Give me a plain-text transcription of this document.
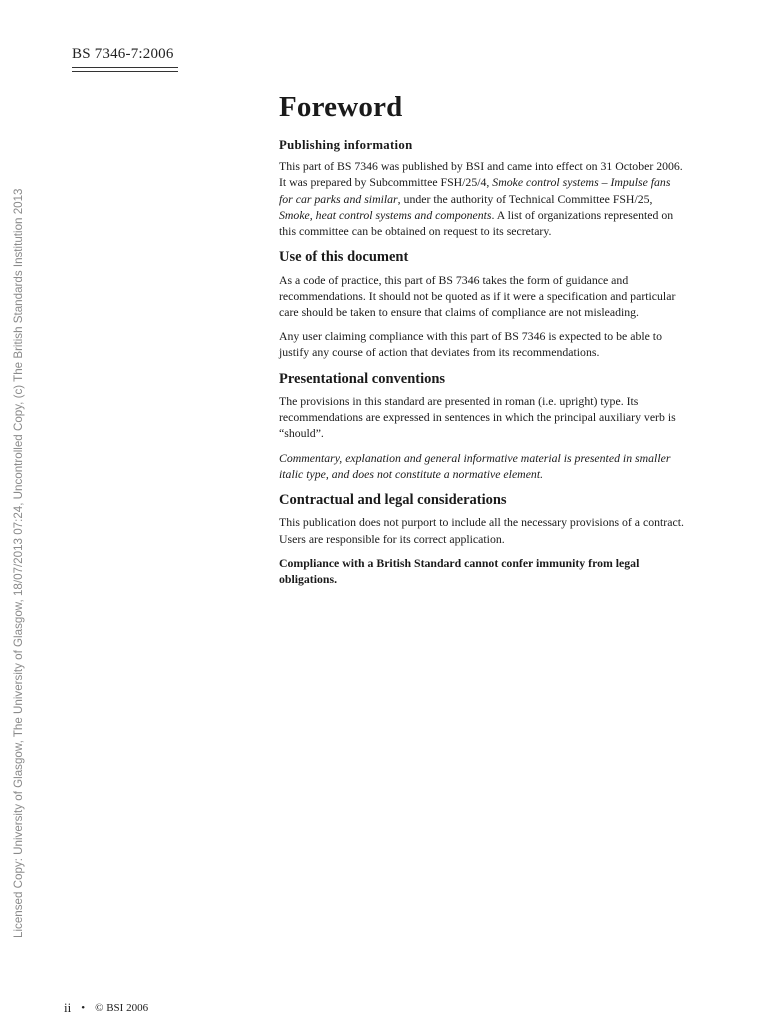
BS 7346-7:2006
Licensed Copy: University of Glasgow, The University of Glasgow, 18/07/2013 07:24, Uncontrolled Copy, (c) The British Standards Institution 2013
Foreword
Publishing information

This part of BS 7346 was published by BSI and came into effect on 31 October 2006. It was prepared by Subcommittee FSH/25/4, Smoke control systems – Impulse fans for car parks and similar, under the authority of Technical Committee FSH/25, Smoke, heat control systems and components. A list of organizations represented on this committee can be obtained on request to its secretary.

Use of this document

As a code of practice, this part of BS 7346 takes the form of guidance and recommendations. It should not be quoted as if it were a specification and particular care should be taken to ensure that claims of compliance are not misleading.

Any user claiming compliance with this part of BS 7346 is expected to be able to justify any course of action that deviates from its recommendations.

Presentational conventions

The provisions in this standard are presented in roman (i.e. upright) type. Its recommendations are expressed in sentences in which the principal auxiliary verb is “should”.

Commentary, explanation and general informative material is presented in smaller italic type, and does not constitute a normative element.

Contractual and legal considerations

This publication does not purport to include all the necessary provisions of a contract. Users are responsible for its correct application.

Compliance with a British Standard cannot confer immunity from legal obligations.

ii • © BSI 2006
